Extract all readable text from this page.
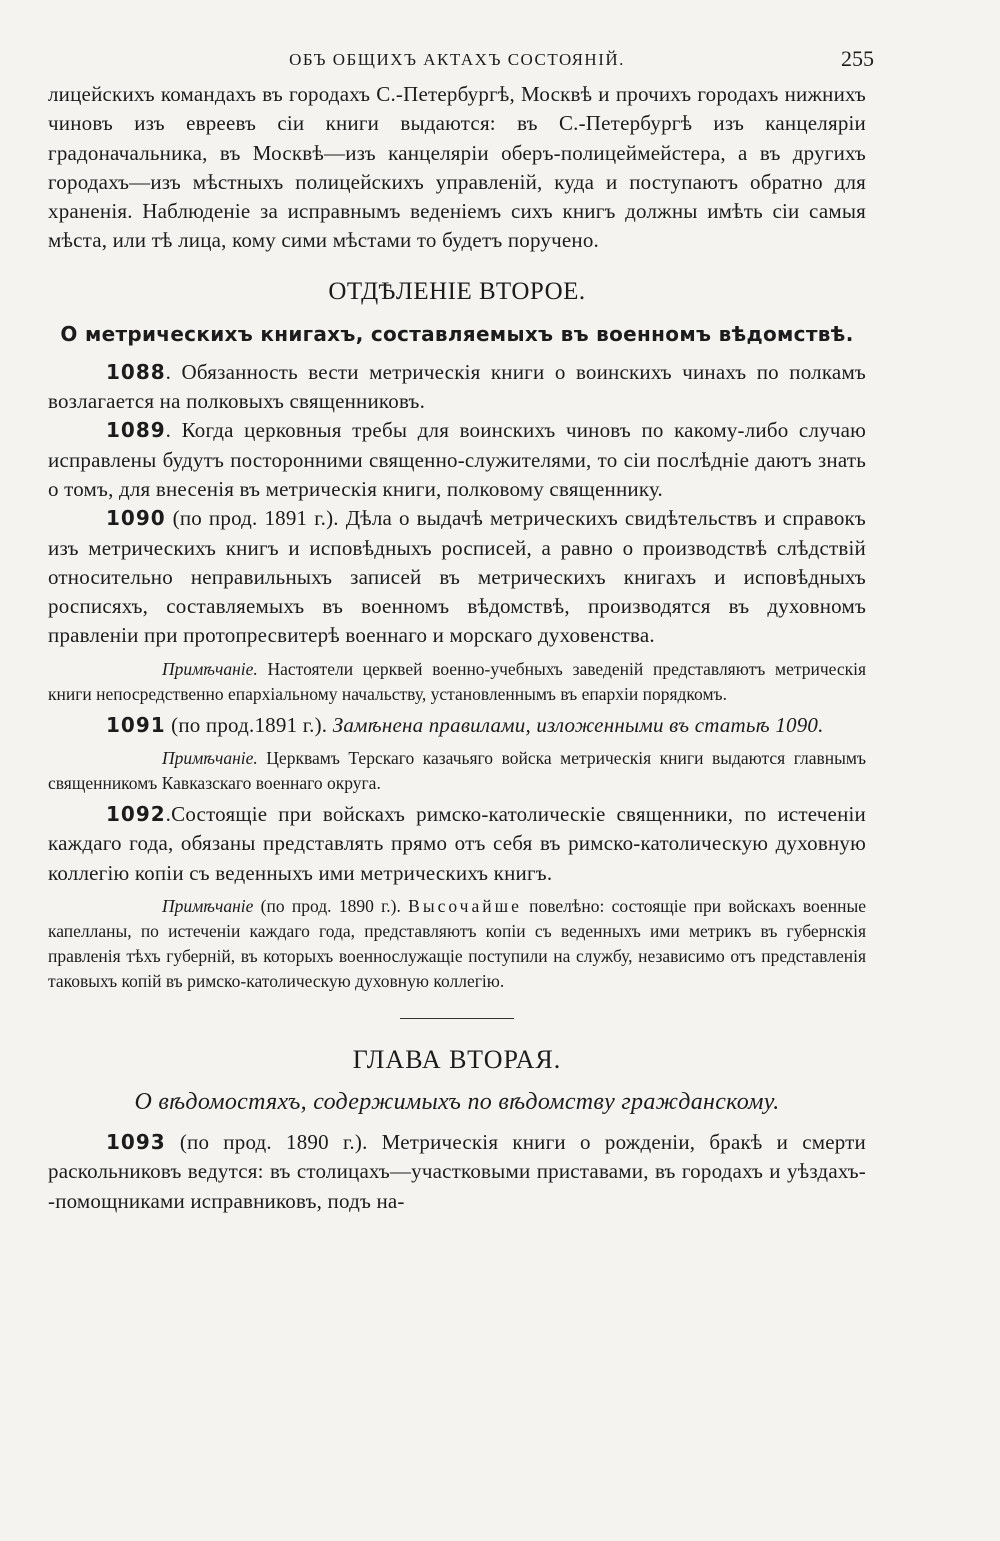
ОБЪ ОБЩИХЪ АКТАХЪ СОСТОЯНIЙ.	255

лицейскихъ командахъ въ городахъ С.-Петербургѣ, Москвѣ и прочихъ городахъ нижнихъ чиновъ изъ евреевъ сiи книги выдаются: въ С.-Петербургѣ изъ канцелярiи градоначальника, въ Москвѣ—изъ канцелярiи оберъ-полицеймейстера, а въ другихъ городахъ—изъ мѣстныхъ полицейскихъ управленiй, куда и поступаютъ обратно для храненiя. Наблюденiе за исправнымъ веденiемъ сихъ книгъ должны имѣть сiи самыя мѣста, или тѣ лица, кому сими мѣстами то будетъ поручено.

ОТДѢЛЕНIЕ ВТОРОЕ.
О метрическихъ книгахъ, составляемыхъ въ военномъ вѣдомствѣ.

1088. Обязанность вести метрическiя книги о воинскихъ чинахъ по полкамъ возлагается на полковыхъ священниковъ.

1089. Когда церковныя требы для воинскихъ чиновъ по какому-либо случаю исправлены будутъ посторонними священно-служителями, то сiи послѣднiе даютъ знать о томъ, для внесенiя въ метрическiя книги, полковому священнику.

1090 (по прод. 1891 г.). Дѣла о выдачѣ метрическихъ свидѣтельствъ и справокъ изъ метрическихъ книгъ и исповѣдныхъ росписей, а равно о производствѣ слѣдствiй относительно неправильныхъ записей въ метрическихъ книгахъ и исповѣдныхъ росписяхъ, составляемыхъ въ военномъ вѣдомствѣ, производятся въ духовномъ правленiи при протопресвитерѣ военнаго и морскаго духовенства.

Примѣчанiе. Настоятели церквей военно-учебныхъ заведенiй представляютъ метрическiя книги непосредственно епархiальному начальству, установленнымъ въ епархiи порядкомъ.

1091 (по прод.1891 г.). Замѣнена правилами, изложенными въ статьѣ 1090.

Примѣчанiе. Церквамъ Терскаго казачьяго войска метрическiя книги выдаются главнымъ священникомъ Кавказскаго военнаго округа.

1092.Состоящiе при войскахъ римско-католическiе священники, по истеченiи каждаго года, обязаны представлять прямо отъ себя въ римско-католическую духовную коллегiю копiи съ веденныхъ ими метрическихъ книгъ.

Примѣчанiе (по прод. 1890 г.). Высочайше повелѣно: состоящiе при войскахъ военные капелланы, по истеченiи каждаго года, представляютъ копiи съ веденныхъ ими метрикъ въ губернскiя правленiя тѣхъ губернiй, въ которыхъ военнослужащiе поступили на службу, независимо отъ представленiя таковыхъ копiй въ римско-католическую духовную коллегiю.

ГЛАВА ВТОРАЯ.
О вѣдомостяхъ, содержимыхъ по вѣдомству гражданскому.

1093 (по прод. 1890 г.). Метрическiя книги о рожденiи, бракѣ и смерти раскольниковъ ведутся: въ столицахъ—участковыми приставами, въ городахъ и уѣздахъ--помощниками исправниковъ, подъ на-
